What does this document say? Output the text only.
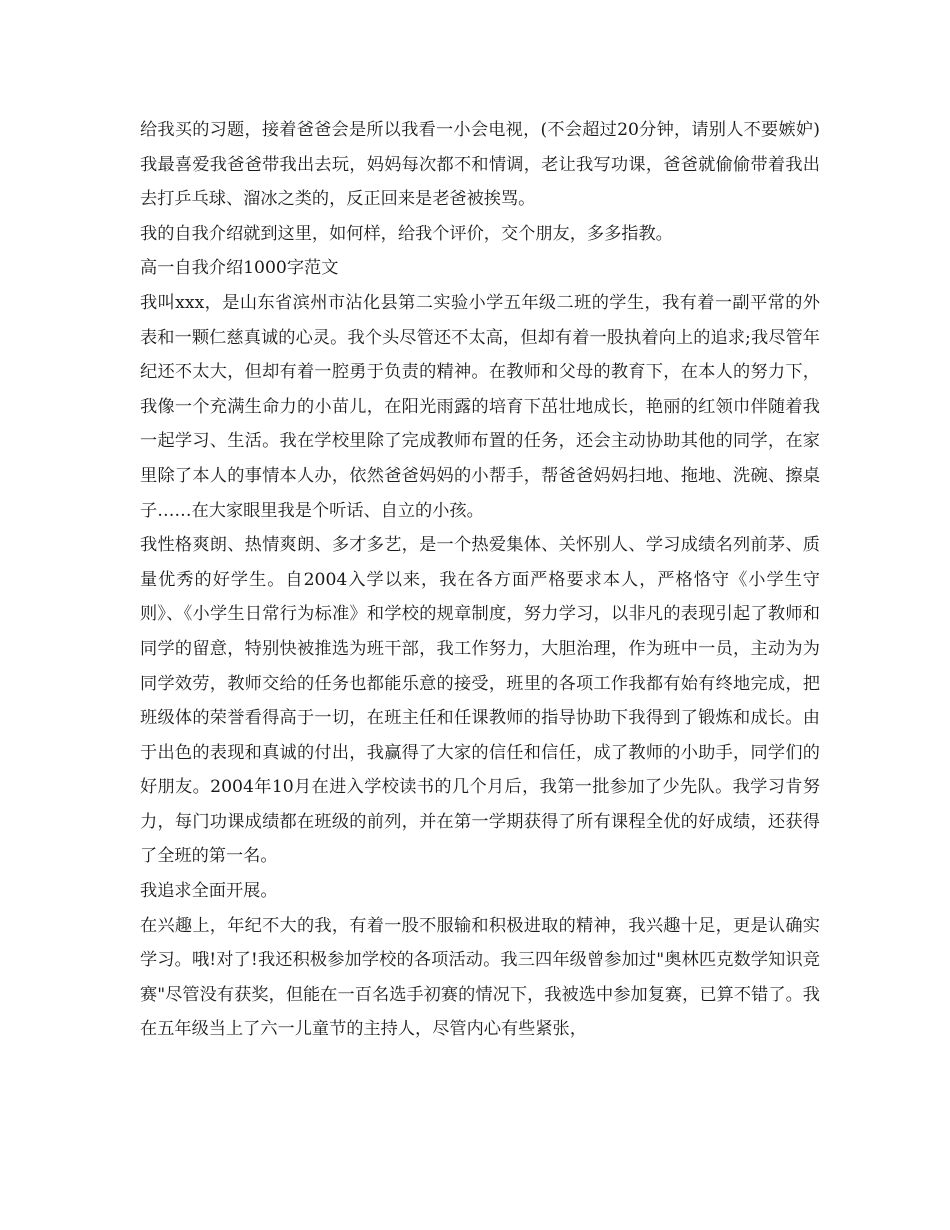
给我买的习题，接着爸爸会是所以我看一小会电视，(不会超过20分钟，请别人不要嫉妒)我最喜爱我爸爸带我出去玩，妈妈每次都不和情调，老让我写功课，爸爸就偷偷带着我出去打乒乓球、溜冰之类的，反正回来是老爸被挨骂。

我的自我介绍就到这里，如何样，给我个评价，交个朋友，多多指教。

高一自我介绍1000字范文

我叫xxx，是山东省滨州市沾化县第二实验小学五年级二班的学生，我有着一副平常的外表和一颗仁慈真诚的心灵。我个头尽管还不太高，但却有着一股执着向上的追求;我尽管年纪还不太大，但却有着一腔勇于负责的精神。在教师和父母的教育下，在本人的努力下，我像一个充满生命力的小苗儿，在阳光雨露的培育下茁壮地成长，艳丽的红领巾伴随着我一起学习、生活。我在学校里除了完成教师布置的任务，还会主动协助其他的同学，在家里除了本人的事情本人办，依然爸爸妈妈的小帮手，帮爸爸妈妈扫地、拖地、洗碗、擦桌子……在大家眼里我是个听话、自立的小孩。

我性格爽朗、热情爽朗、多才多艺，是一个热爱集体、关怀别人、学习成绩名列前茅、质量优秀的好学生。自2004入学以来，我在各方面严格要求本人，严格恪守《小学生守则》、《小学生日常行为标准》和学校的规章制度，努力学习，以非凡的表现引起了教师和同学的留意，特别快被推选为班干部，我工作努力，大胆治理，作为班中一员，主动为为同学效劳，教师交给的任务也都能乐意的接受，班里的各项工作我都有始有终地完成，把班级体的荣誉看得高于一切，在班主任和任课教师的指导协助下我得到了锻炼和成长。由于出色的表现和真诚的付出，我赢得了大家的信任和信任，成了教师的小助手，同学们的好朋友。2004年10月在进入学校读书的几个月后，我第一批参加了少先队。我学习肯努力，每门功课成绩都在班级的前列，并在第一学期获得了所有课程全优的好成绩，还获得了全班的第一名。

我追求全面开展。

在兴趣上，年纪不大的我，有着一股不服输和积极进取的精神，我兴趣十足，更是认确实学习。哦!对了!我还积极参加学校的各项活动。我三四年级曾参加过"奥林匹克数学知识竞赛"尽管没有获奖，但能在一百名选手初赛的情况下，我被选中参加复赛，已算不错了。我在五年级当上了六一儿童节的主持人，尽管内心有些紧张，
